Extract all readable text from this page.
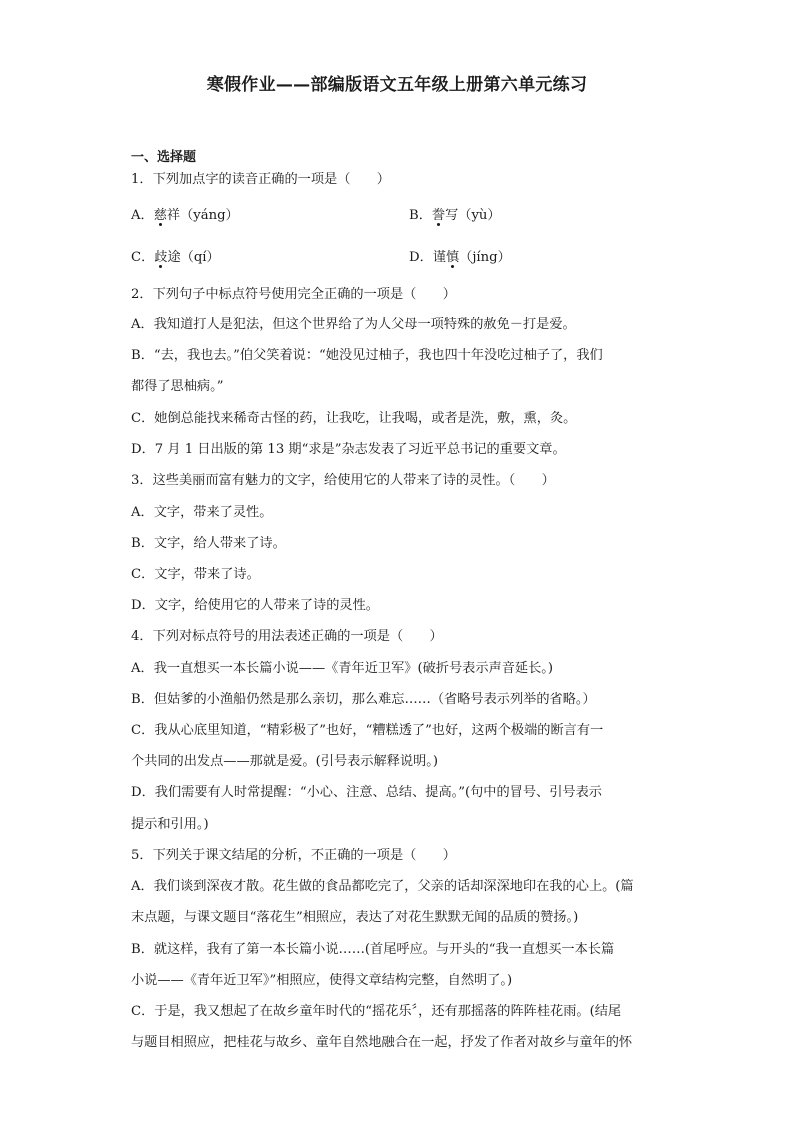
寒假作业——部编版语文五年级上册第六单元练习
一、选择题
1．下列加点字的读音正确的一项是（　　）
A．慈祥（yáng）	B．誊写（yù）
C．歧途（qí）	D．谨慎（jíng）
2．下列句子中标点符号使用完全正确的一项是（　　）
A．我知道打人是犯法，但这个世界给了为人父母一项特殊的赦免－打是爱。
B．“去，我也去。”伯父笑着说：“她没见过柚子，我也四十年没吃过柚子了，我们
都得了思柚病。”
C．她倒总能找来稀奇古怪的药，让我吃，让我喝，或者是洗，敷，熏，灸。
D．7 月 1 日出版的第 13 期“求是”杂志发表了习近平总书记的重要文章。
3．这些美丽而富有魅力的文字，给使用它的人带来了诗的灵性。（　　）
A．文字，带来了灵性。
B．文字，给人带来了诗。
C．文字，带来了诗。
D．文字，给使用它的人带来了诗的灵性。
4．下列对标点符号的用法表述正确的一项是（　　）
A．我一直想买一本长篇小说——《青年近卫军》(破折号表示声音延长。)
B．但姑爹的小渔船仍然是那么亲切，那么难忘……（省略号表示列举的省略。）
C．我从心底里知道，“精彩极了”也好，“糟糕透了”也好，这两个极端的断言有一
个共同的出发点——那就是爱。(引号表示解释说明。)
D．我们需要有人时常提醒：“小心、注意、总结、提高。”(句中的冒号、引号表示
提示和引用。)
5．下列关于课文结尾的分析，不正确的一项是（　　）
A．我们谈到深夜才散。花生做的食品都吃完了，父亲的话却深深地印在我的心上。(篇
末点题，与课文题目“落花生”相照应，表达了对花生默默无闻的品质的赞扬。)
B．就这样，我有了第一本长篇小说……(首尾呼应。与开头的“我一直想买一本长篇
小说——《青年近卫军》”相照应，使得文章结构完整，自然明了。)
C．于是，我又想起了在故乡童年时代的“摇花乐〞，还有那摇落的阵阵桂花雨。(结尾
与题目相照应，把桂花与故乡、童年自然地融合在一起，抒发了作者对故乡与童年的怀
